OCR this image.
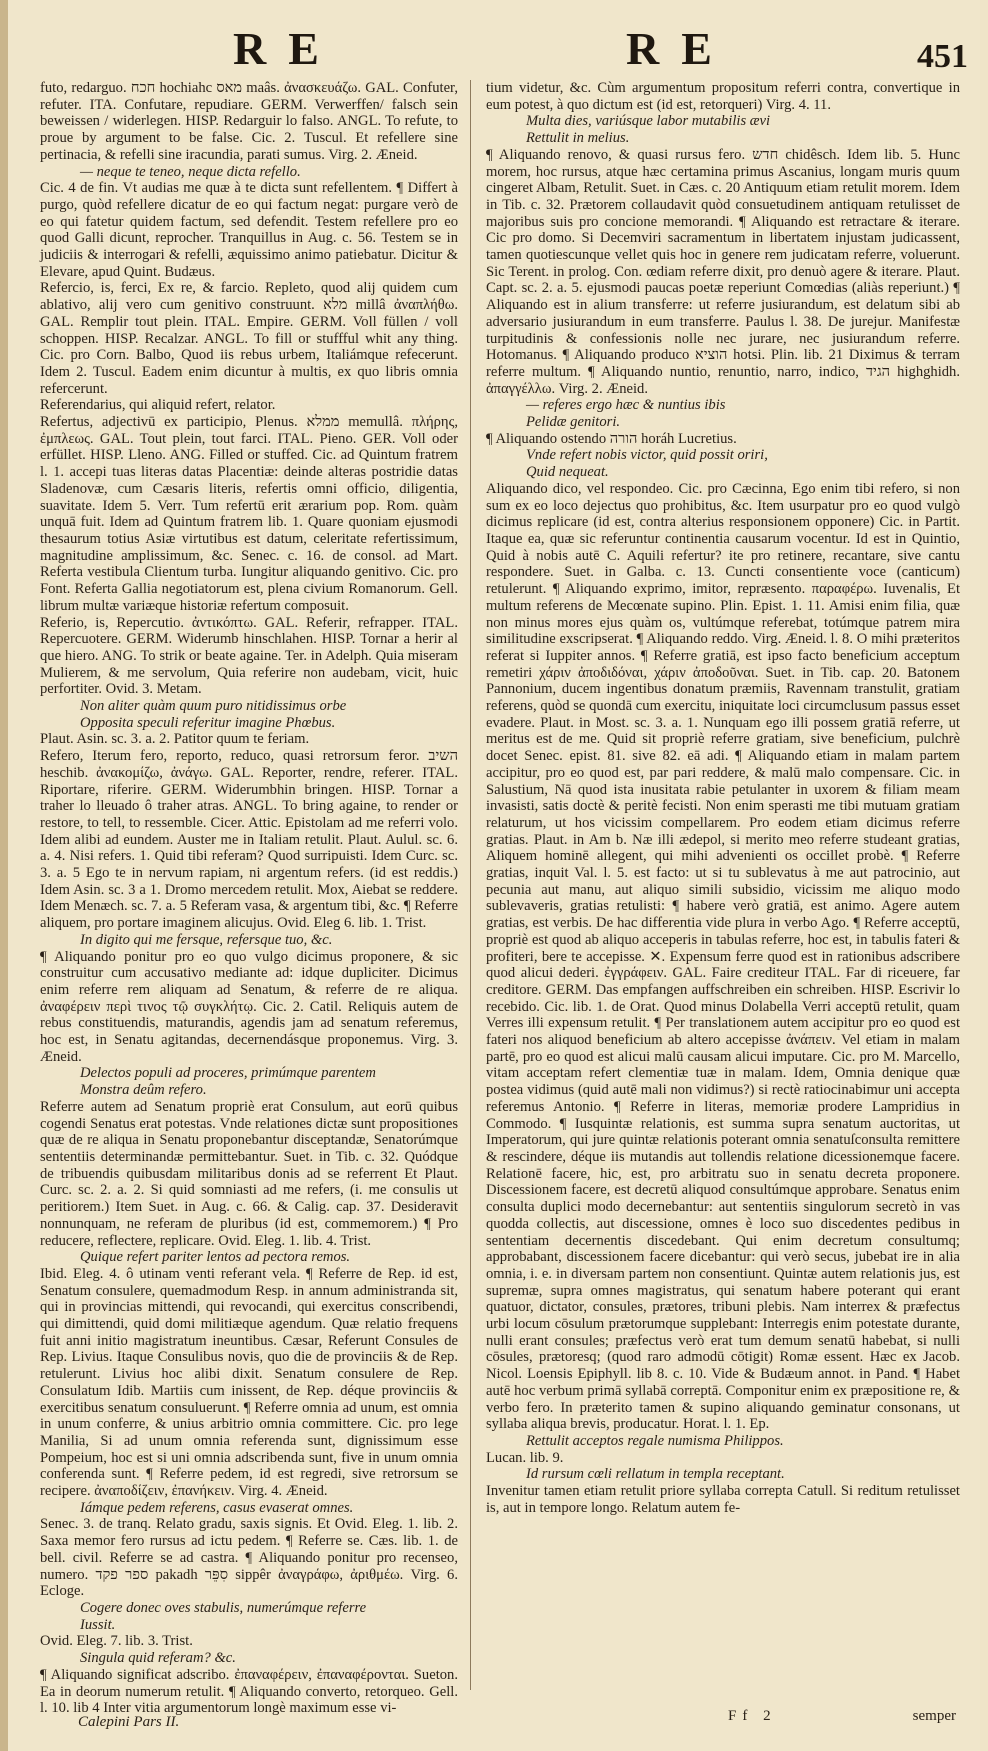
RE	RE	451

futo, redarguo. חכח hochiahc מאס maâs. ἀνασκευάζω. GAL. Confuter, refuter. ITA. Confutare, repudiare. GERM. Verwerffen/ falsch sein beweissen / widerlegen. HISP. Redarguir lo falso. ANGL. To refute, to proue by argument to be false. Cic. 2. Tuscul. Et refellere sine pertinacia, & refelli sine iracundia, parati sumus. Virg. 2. Æneid.

— neque te teneo, neque dicta refello.

Cic. 4 de fin. Vt audias me quæ à te dicta sunt refellentem. ¶ Differt à purgo, quòd refellere dicatur de eo qui factum negat: purgare verò de eo qui fatetur quidem factum, sed defendit. Testem refellere pro eo quod Galli dicunt, reprocher. Tranquillus in Aug. c. 56. Testem se in judiciis & interrogari & refelli, æquissimo animo patiebatur. Dicitur & Elevare, apud Quint. Budæus.

Refercio, is, ferci, Ex re, & farcio. Repleto, quod alij quidem cum ablativo, alij vero cum genitivo construunt. מלא millâ ἀναπλήθω. GAL. Remplir tout plein. ITAL. Empire. GERM. Voll füllen / voll schoppen. HISP. Recalzar. ANGL. To fill or stuffful whit any thing. Cic. pro Corn. Balbo, Quod iis rebus urbem, Italiámque refecerunt. Idem 2. Tuscul. Eadem enim dicuntur à multis, ex quo libris omnia refercerunt.

Referendarius, qui aliquid refert, relator.

Refertus, adjectivū ex participio, Plenus. ממלא memullâ. πλήρης, ἐμπλεως. GAL. Tout plein, tout farci. ITAL. Pieno. GER. Voll oder erfüllet. HISP. Lleno. ANG. Filled or stuffed. Cic. ad Quintum fratrem l. 1. accepi tuas literas datas Placentiæ: deinde alteras postridie datas Sladenovæ, cum Cæsaris literis, refertis omni officio, diligentia, suavitate. Idem 5. Verr. Tum refertū erit ærarium pop. Rom. quàm unquā fuit. Idem ad Quintum fratrem lib. 1. Quare quoniam ejusmodi thesaurum totius Asiæ virtutibus est datum, celeritate refertissimum, magnitudine amplissimum, &c. Senec. c. 16. de consol. ad Mart. Referta vestibula Clientum turba. Iungitur aliquando genitivo. Cic. pro Font. Referta Gallia negotiatorum est, plena civium Romanorum. Gell. librum multæ variæque historiæ refertum composuit.

Referio, is, Repercutio. ἀντικόπτω. GAL. Referir, refrapper. ITAL. Repercuotere. GERM. Widerumb hinschlahen. HISP. Tornar a herir al que hiero. ANG. To strik or beate againe. Ter. in Adelph. Quia miseram Mulierem, & me servolum, Quia referire non audebam, vicit, huic perfortiter. Ovid. 3. Metam.

Non aliter quàm quum puro nitidissimus orbe

Opposita speculi referitur imagine Phœbus.

Plaut. Asin. sc. 3. a. 2. Patitor quum te feriam.

Refero, Iterum fero, reporto, reduco, quasi retrorsum feror. השיב heschib. ἀνακομίζω, ἀνάγω. GAL. Reporter, rendre, referer. ITAL. Riportare, riferire. GERM. Widerumbhin bringen. HISP. Tornar a traher lo lleuado ô traher atras. ANGL. To bring againe, to render or restore, to tell, to ressemble. Cicer. Attic. Epistolam ad me referri volo. Idem alibi ad eundem. Auster me in Italiam retulit. Plaut. Aulul. sc. 6. a. 4. Nisi refers. 1. Quid tibi referam? Quod surripuisti. Idem Curc. sc. 3. a. 5 Ego te in nervum rapiam, ni argentum refers. (id est reddis.) Idem Asin. sc. 3 a 1. Dromo mercedem retulit. Mox, Aiebat se reddere. Idem Menæch. sc. 7. a. 5 Referam vasa, & argentum tibi, &c. ¶ Referre aliquem, pro portare imaginem alicujus. Ovid. Eleg 6. lib. 1. Trist.

In digito qui me fersque, refersque tuo, &c.

¶ Aliquando ponitur pro eo quo vulgo dicimus proponere, & sic construitur cum accusativo mediante ad: idque dupliciter. Dicimus enim referre rem aliquam ad Senatum, & referre de re aliqua. ἀναφέρειν περὶ τινος τῷ συγκλήτῳ. Cic. 2. Catil. Reliquis autem de rebus constituendis, maturandis, agendis jam ad senatum referemus, hoc est, in Senatu agitandas, decernendásque proponemus. Virg. 3. Æneid.

Delectos populi ad proceres, primúmque parentem

Monstra deûm refero.

Referre autem ad Senatum propriè erat Consulum, aut eorū quibus cogendi Senatus erat potestas. Vnde relationes dictæ sunt propositiones quæ de re aliqua in Senatu proponebantur disceptandæ, Senatorúmque sententiis determinandæ permittebantur. Suet. in Tib. c. 32. Quódque de tribuendis quibusdam militaribus donis ad se referrent Et Plaut. Curc. sc. 2. a. 2. Si quid somniasti ad me refers, (i. me consulis ut peritiorem.) Item Suet. in Aug. c. 66. & Calig. cap. 37. Desideravit nonnunquam, ne referam de pluribus (id est, commemorem.) ¶ Pro reducere, reflectere, replicare. Ovid. Eleg. 1. lib. 4. Trist.

Quique refert pariter lentos ad pectora remos.

Ibid. Eleg. 4. ô utinam venti referant vela. ¶ Referre de Rep. id est, Senatum consulere, quemadmodum Resp. in annum administranda sit, qui in provincias mittendi, qui revocandi, qui exercitus conscribendi, qui dimittendi, quid domi militiæque agendum. Quæ relatio frequens fuit anni initio magistratum ineuntibus. Cæsar, Referunt Consules de Rep. Livius. Itaque Consulibus novis, quo die de provinciis & de Rep. retulerunt. Livius hoc alibi dixit. Senatum consulere de Rep. Consulatum Idib. Martiis cum inissent, de Rep. déque provinciis & exercitibus senatum consuluerunt. ¶ Referre omnia ad unum, est omnia in unum conferre, & unius arbitrio omnia committere. Cic. pro lege Manilia, Si ad unum omnia referenda sunt, dignissimum esse Pompeium, hoc est si uni omnia adscribenda sunt, five in unum omnia conferenda sunt. ¶ Referre pedem, id est regredi, sive retrorsum se recipere. ἀναποδίζειν, ἐπανήκειν. Virg. 4. Æneid.

Iámque pedem referens, casus evaserat omnes.

Senec. 3. de tranq. Relato gradu, saxis signis. Et Ovid. Eleg. 1. lib. 2. Saxa memor fero rursus ad ictu pedem. ¶ Referre se. Cæs. lib. 1. de bell. civil. Referre se ad castra. ¶ Aliquando ponitur pro recenseo, numero. ספר פקד pakadh סִפֵּר sippêr ἀναγράφω, ἀριθμέω. Virg. 6. Ecloge.

Cogere donec oves stabulis, numerúmque referre

Iussit.

Ovid. Eleg. 7. lib. 3. Trist.

Singula quid referam? &c.

¶ Aliquando significat adscribo. ἐπαναφέρειν, ἐπαναφέρονται. Sueton. Ea in deorum numerum retulit. ¶ Aliquando converto, retorqueo. Gell. l. 10. lib 4 Inter vitia argumentorum longè maximum esse vi-

tium videtur, &c. Cùm argumentum propositum referri contra, convertique in eum potest, à quo dictum est (id est, retorqueri) Virg. 4. 11.

Multa dies, variúsque labor mutabilis ævi

Rettulit in melius.

¶ Aliquando renovo, & quasi rursus fero. חדש chidêsch. Idem lib. 5. Hunc morem, hoc rursus, atque hæc certamina primus Ascanius, longam muris quum cingeret Albam, Retulit. Suet. in Cæs. c. 20 Antiquum etiam retulit morem. Idem in Tib. c. 32. Prætorem collaudavit quòd consuetudinem antiquam retulisset de majoribus suis pro concione memorandi. ¶ Aliquando est retractare & iterare. Cic pro domo. Si Decemviri sacramentum in libertatem injustam judicassent, tamen quotiescunque vellet quis hoc in genere rem judicatam referre, voluerunt. Sic Terent. in prolog. Con. œdiam referre dixit, pro denuò agere & iterare. Plaut. Capt. sc. 2. a. 5. ejusmodi paucas poetæ reperiunt Comœdias (aliàs reperiunt.) ¶ Aliquando est in alium transferre: ut referre jusiurandum, est delatum sibi ab adversario jusiurandum in eum transferre. Paulus l. 38. De jurejur. Manifestæ turpitudinis & confessionis nolle nec jurare, nec jusiurandum referre. Hotomanus. ¶ Aliquando produco הוציא hotsi. Plin. lib. 21 Diximus & terram referre multum. ¶ Aliquando nuntio, renuntio, narro, indico, הגיד highghidh. ἀπαγγέλλω. Virg. 2. Æneid.

— referes ergo hæc & nuntius ibis

Pelidæ genitori.

¶ Aliquando ostendo הורה horáh Lucretius.

Vnde refert nobis victor, quid possit oriri,

Quid nequeat.

Aliquando dico, vel respondeo. Cic. pro Cæcinna, Ego enim tibi refero, si non sum ex eo loco dejectus quo prohibitus, &c. Item usurpatur pro eo quod vulgò dicimus replicare (id est, contra alterius responsionem opponere) Cic. in Partit. Itaque ea, quæ sic referuntur continentia causarum vocentur. Id est in Quintio, Quid à nobis autē C. Aquili refertur? ite pro retinere, recantare, sive cantu respondere. Suet. in Galba. c. 13. Cuncti consentiente voce (canticum) retulerunt. ¶ Aliquando exprimo, imitor, repræsento. παραφέρω. Iuvenalis, Et multum referens de Mecœnate supino. Plin. Epist. 1. 11. Amisi enim filia, quæ non minus mores ejus quàm os, vultúmque referebat, totúmque patrem mira similitudine exscripserat. ¶ Aliquando reddo. Virg. Æneid. l. 8. O mihi præteritos referat si Iuppiter annos. ¶ Referre gratiā, est ipso facto beneficium acceptum remetiri χάριν ἀποδιδόναι, χάριν ἀποδοῦναι. Suet. in Tib. cap. 20. Batonem Pannonium, ducem ingentibus donatum præmiis, Ravennam transtulit, gratiam referens, quòd se quondā cum exercitu, iniquitate loci circumclusum passus esset evadere. Plaut. in Most. sc. 3. a. 1. Nunquam ego illi possem gratiā referre, ut meritus est de me. Quid sit propriè referre gratiam, sive beneficium, pulchrè docet Senec. epist. 81. sive 82. eā adi. ¶ Aliquando etiam in malam partem accipitur, pro eo quod est, par pari reddere, & malū malo compensare. Cic. in Salustium, Nā quod ista inusitata rabie petulanter in uxorem & filiam meam invasisti, satis doctè & peritè fecisti. Non enim sperasti me tibi mutuam gratiam relaturum, ut hos vicissim compellarem. Pro eodem etiam dicimus referre gratias. Plaut. in Am b. Næ illi ædepol, si merito meo referre studeant gratias, Aliquem hominē allegent, qui mihi advenienti os occillet probè. ¶ Referre gratias, inquit Val. l. 5. est facto: ut si tu sublevatus à me aut patrocinio, aut pecunia aut manu, aut aliquo simili subsidio, vicissim me aliquo modo sublevaveris, gratias retulisti: ¶ habere verò gratiā, est animo. Agere autem gratias, est verbis. De hac differentia vide plura in verbo Ago. ¶ Referre acceptū, propriè est quod ab aliquo acceperis in tabulas referre, hoc est, in tabulis fateri & profiteri, bere te accepisse. ✕. Expensum ferre quod est in rationibus adscribere quod alicui dederi. ἐγγράφειν. GAL. Faire crediteur ITAL. Far di riceuere, far creditore. GERM. Das empfangen auffschreiben ein schreiben. HISP. Escrivir lo recebido. Cic. lib. 1. de Orat. Quod minus Dolabella Verri acceptū retulit, quam Verres illi expensum retulit. ¶ Per translationem autem accipitur pro eo quod est fateri nos aliquod beneficium ab altero accepisse ἀνάπειν. Vel etiam in malam partē, pro eo quod est alicui malū causam alicui imputare. Cic. pro M. Marcello, vitam acceptam refert clementiæ tuæ in malam. Idem, Omnia denique quæ postea vidimus (quid autē mali non vidimus?) si rectè ratiocinabimur uni accepta referemus Antonio. ¶ Referre in literas, memoriæ prodere Lampridius in Commodo. ¶ Iusquintæ relationis, est summa supra senatum auctoritas, ut Imperatorum, qui jure quintæ relationis poterant omnia senatuſconsulta remittere & rescindere, déque iis mutandis aut tollendis relatione dicessionemque facere. Relationē facere, hic, est, pro arbitratu suo in senatu decreta proponere. Discessionem facere, est decretū aliquod consultúmque approbare. Senatus enim consulta duplici modo decernebantur: aut sententiis singulorum secretò in vas quodda collectis, aut discessione, omnes è loco suo discedentes pedibus in sententiam decernentis discedebant. Qui enim decretum consultumq; approbabant, discessionem facere dicebantur: qui verò secus, jubebat ire in alia omnia, i. e. in diversam partem non consentiunt. Quintæ autem relationis jus, est supremæ, supra omnes magistratus, qui senatum habere poterant qui erant quatuor, dictator, consules, prætores, tribuni plebis. Nam interrex & præfectus urbi locum cōsulum prætorumque supplebant: Interregis enim potestate durante, nulli erant consules; præfectus verò erat tum demum senatū habebat, si nulli cōsules, prætoresq; (quod raro admodū cōtigit) Romæ essent. Hæc ex Jacob. Nicol. Loensis Epiphyll. lib 8. c. 10. Vide & Budæum annot. in Pand. ¶ Habet autē hoc verbum primā syllabā correptā. Componitur enim ex præpositione re, & verbo fero. In præterito tamen & supino aliquando geminatur consonans, ut syllaba aliqua brevis, producatur. Horat. l. 1. Ep.

Rettulit acceptos regale numisma Philippos.

Lucan. lib. 9.

Id rursum cœli rellatum in templa receptant.

Invenitur tamen etiam retulit priore syllaba correpta Catull. Si reditum retulisset is, aut in tempore longo. Relatum autem fe-

Calepini Pars II.	Ff 2	semper
